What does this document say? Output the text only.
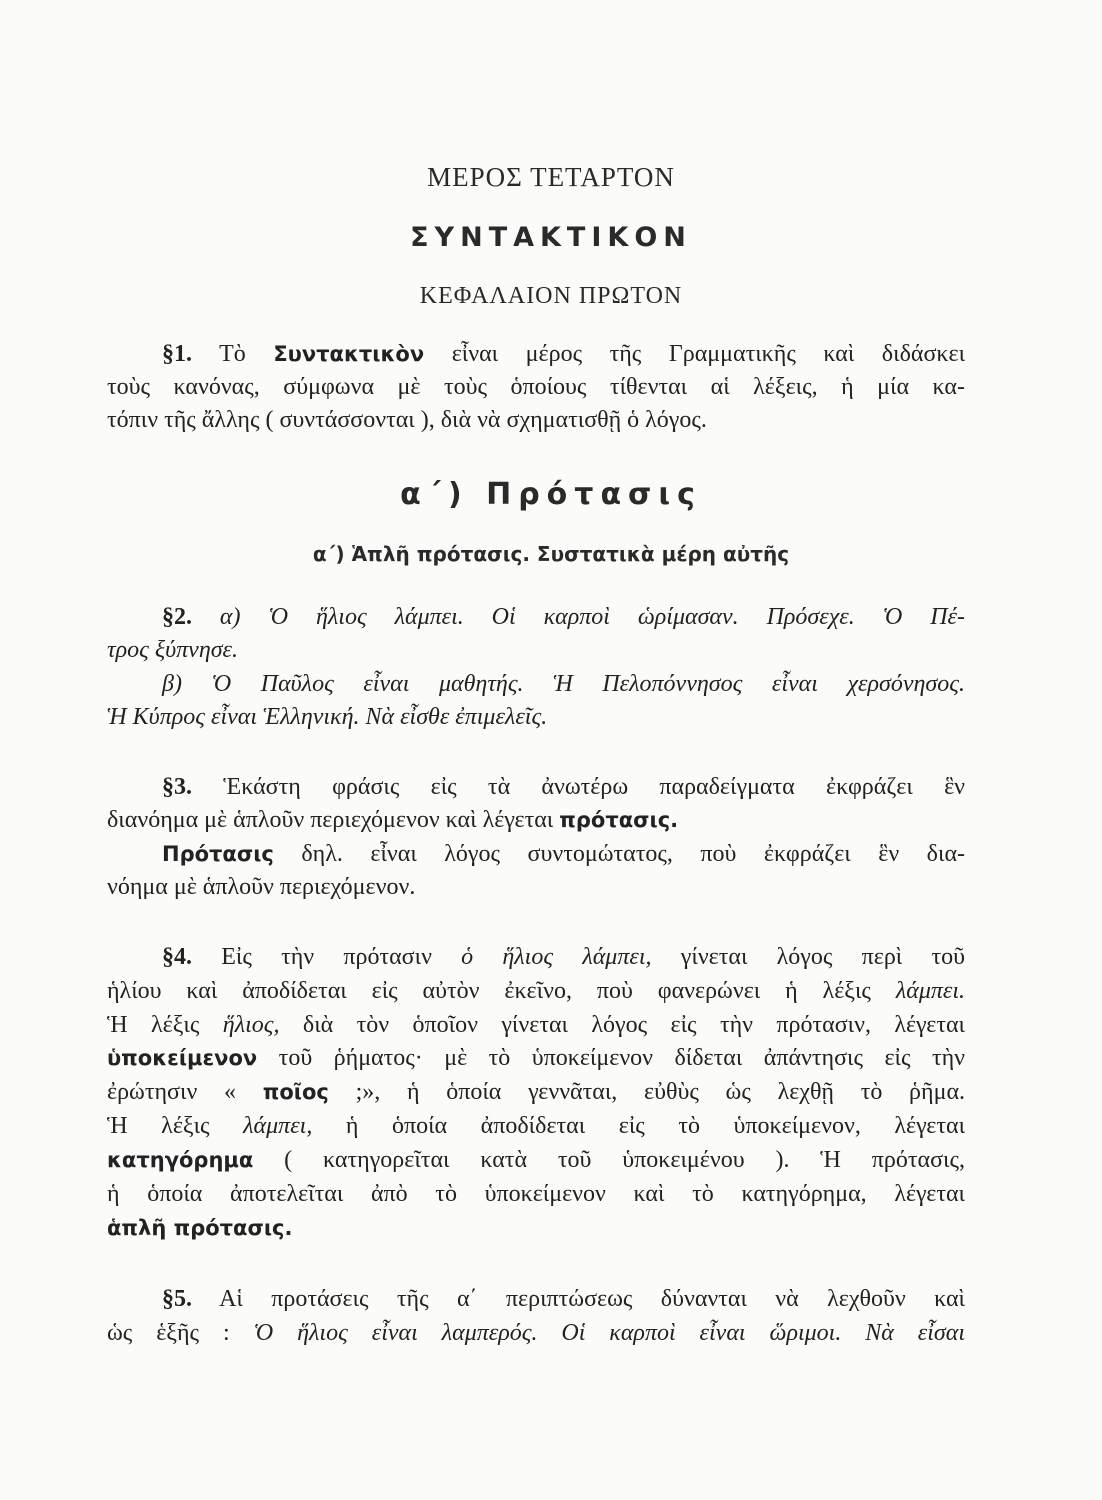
ΜΕΡΟΣ ΤΕΤΑΡΤΟΝ
ΣΥΝΤΑΚΤΙΚΟΝ
ΚΕΦΑΛΑΙΟΝ ΠΡΩΤΟΝ
§1. Τὸ Συντακτικὸν εἶναι μέρος τῆς Γραμματικῆς καὶ διδάσκει
τοὺς κανόνας, σύμφωνα μὲ τοὺς ὁποίους τίθενται αἱ λέξεις, ἡ μία κα-
τόπιν τῆς ἄλλης ( συντάσσονται ), διὰ νὰ σχηματισθῇ ὁ λόγος.
α΄) Πρότασις
α΄) Ἁπλῆ πρότασις. Συστατικὰ μέρη αὐτῆς
§2. α) Ὁ ἥλιος λάμπει. Οἱ καρποὶ ὡρίμασαν. Πρόσεχε. Ὁ Πέ-
τρος ξύπνησε.
β) Ὁ Παῦλος εἶναι μαθητής. Ἡ Πελοπόννησος εἶναι χερσόνησος.
Ἡ Κύπρος εἶναι Ἑλληνική. Νὰ εἶσθε ἐπιμελεῖς.
§3. Ἑκάστη φράσις εἰς τὰ ἀνωτέρω παραδείγματα ἐκφράζει ἓν
διανόημα μὲ ἁπλοῦν περιεχόμενον καὶ λέγεται πρότασις.
Πρότασις δηλ. εἶναι λόγος συντομώτατος, ποὺ ἐκφράζει ἓν δια-
νόημα μὲ ἁπλοῦν περιεχόμενον.
§4. Εἰς τὴν πρότασιν ὁ ἥλιος λάμπει, γίνεται λόγος περὶ τοῦ
ἡλίου καὶ ἀποδίδεται εἰς αὐτὸν ἐκεῖνο, ποὺ φανερώνει ἡ λέξις λάμπει.
Ἡ λέξις ἥλιος, διὰ τὸν ὁποῖον γίνεται λόγος εἰς τὴν πρότασιν, λέγεται
ὑποκείμενον τοῦ ῥήματος· μὲ τὸ ὑποκείμενον δίδεται ἀπάντησις εἰς τὴν
ἐρώτησιν « ποῖος ;», ἡ ὁποία γεννᾶται, εὐθὺς ὡς λεχθῇ τὸ ῥῆμα.
Ἡ λέξις λάμπει, ἡ ὁποία ἀποδίδεται εἰς τὸ ὑποκείμενον, λέγεται
κατηγόρημα ( κατηγορεῖται κατὰ τοῦ ὑποκειμένου ). Ἡ πρότασις,
ἡ ὁποία ἀποτελεῖται ἀπὸ τὸ ὑποκείμενον καὶ τὸ κατηγόρημα, λέγεται
ἁπλῆ πρότασις.
§5. Αἱ προτάσεις τῆς α΄ περιπτώσεως δύνανται νὰ λεχθοῦν καὶ
ὡς ἑξῆς : Ὁ ἥλιος εἶναι λαμπερός. Οἱ καρποὶ εἶναι ὥριμοι. Νὰ εἶσαι
